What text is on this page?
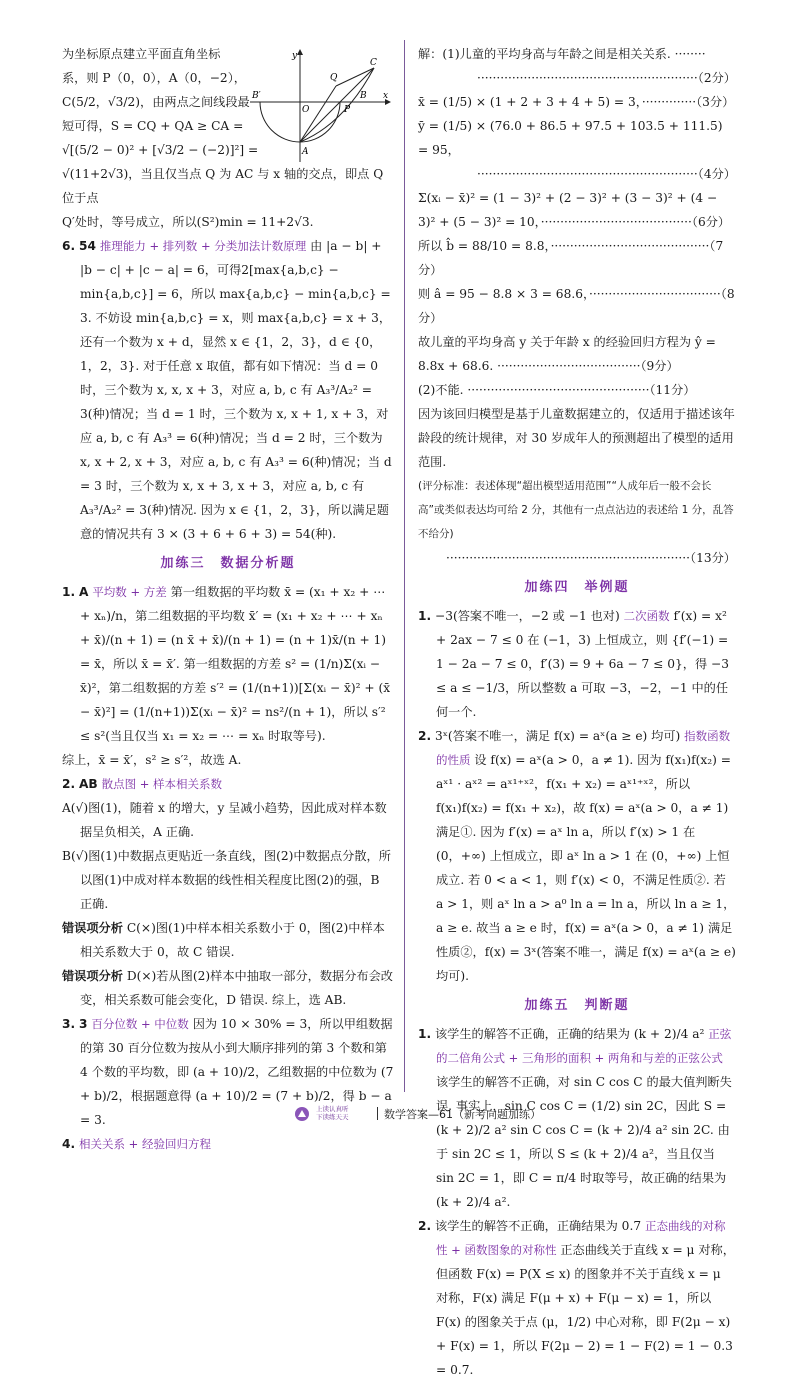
y
x
C
Q
B
B′
P
O
A
为坐标原点建立平面直角坐标
系，则 P（0，0），A（0，−2），
C(5/2，√3/2)，由两点之间线段最
短可得，S = CQ + QA ≥ CA =
√[(5/2 − 0)² + [√3/2 − (−2)]²] =
√(11+2√3)，当且仅当点 Q 为 AC 与 x 轴的交点，即点 Q 位于点
Q′处时，等号成立，所以(S²)min = 11+2√3.
6. 54 推理能力 + 排列数 + 分类加法计数原理 由 |a − b| + |b − c| + |c − a| = 6，可得2[max{a,b,c} − min{a,b,c}] = 6，所以 max{a,b,c} − min{a,b,c} = 3. 不妨设 min{a,b,c} = x，则 max{a,b,c} = x + 3，还有一个数为 x + d，显然 x ∈ {1，2，3}，d ∈ {0，1，2，3}. 对于任意 x 取值，都有如下情况：当 d = 0 时，三个数为 x, x, x + 3，对应 a, b, c 有 A₃³/A₂² = 3(种)情况；当 d = 1 时，三个数为 x, x + 1, x + 3，对应 a, b, c 有 A₃³ = 6(种)情况；当 d = 2 时，三个数为 x, x + 2, x + 3，对应 a, b, c 有 A₃³ = 6(种)情况；当 d = 3 时，三个数为 x, x + 3, x + 3，对应 a, b, c 有 A₃³/A₂² = 3(种)情况. 因为 x ∈ {1，2，3}，所以满足题意的情况共有 3 × (3 + 6 + 6 + 3) = 54(种).
加练三　数据分析题
1. A 平均数 + 方差 第一组数据的平均数 x̄ = (x₁ + x₂ + ⋯ + xₙ)/n，第二组数据的平均数 x̄′ = (x₁ + x₂ + ⋯ + xₙ + x̄)/(n + 1) = (n x̄ + x̄)/(n + 1) = (n + 1)x̄/(n + 1) = x̄，所以 x̄ = x̄′. 第一组数据的方差 s² = (1/n)Σ(xᵢ − x̄)²，第二组数据的方差 s′² = (1/(n+1))[Σ(xᵢ − x̄)² + (x̄ − x̄)²] = (1/(n+1))Σ(xᵢ − x̄)² = ns²/(n + 1)，所以 s′² ≤ s²(当且仅当 x₁ = x₂ = ⋯ = xₙ 时取等号).
综上，x̄ = x̄′，s² ≥ s′²，故选 A.
2. AB 散点图 + 样本相关系数
A(√)图(1)，随着 x 的增大，y 呈减小趋势，因此成对样本数据呈负相关，A 正确.
B(√)图(1)中数据点更贴近一条直线，图(2)中数据点分散，所以图(1)中成对样本数据的线性相关程度比图(2)的强，B 正确.
错误项分析 C(×)图(1)中样本相关系数小于 0，图(2)中样本相关系数大于 0，故 C 错误.
错误项分析 D(×)若从图(2)样本中抽取一部分，数据分布会改变，相关系数可能会变化，D 错误. 综上，选 AB.
3. 3 百分位数 + 中位数 因为 10 × 30% = 3，所以甲组数据的第 30 百分位数为按从小到大顺序排列的第 3 个数和第 4 个数的平均数，即 (a + 10)/2，乙组数据的中位数为 (7 + b)/2，根据题意得 (a + 10)/2 = (7 + b)/2，得 b − a = 3.
4. 相关关系 + 经验回归方程
解：(1)儿童的平均身高与年龄之间是相关关系. ········
·························································（2分）
x̄ = (1/5) × (1 + 2 + 3 + 4 + 5) = 3，··············（3分）
ȳ = (1/5) × (76.0 + 86.5 + 97.5 + 103.5 + 111.5) = 95，
·························································（4分）
Σ(xᵢ − x̄)² = (1 − 3)² + (2 − 3)² + (3 − 3)² + (4 − 3)² + (5 − 3)² = 10，·······································（6分）
所以 b̂ = 88/10 = 8.8，·········································（7分）
则 â = 95 − 8.8 × 3 = 68.6，··································（8分）
故儿童的平均身高 y 关于年龄 x 的经验回归方程为 ŷ = 8.8x + 68.6. ·····································（9分）
(2)不能. ···············································（11分）
因为该回归模型是基于儿童数据建立的，仅适用于描述该年龄段的统计规律，对 30 岁成年人的预测超出了模型的适用范围.
(评分标准：表述体现“超出模型适用范围”“人成年后一般不会长高”或类似表达均可给 2 分，其他有一点点沾边的表述给 1 分，乱答不给分)
·······························································（13分）
加练四　举例题
1. −3(答案不唯一，−2 或 −1 也对) 二次函数 f′(x) = x² + 2ax − 7 ≤ 0 在 (−1，3) 上恒成立，则 {f′(−1) = 1 − 2a − 7 ≤ 0，f′(3) = 9 + 6a − 7 ≤ 0}，得 −3 ≤ a ≤ −1/3，所以整数 a 可取 −3，−2，−1 中的任何一个.
2. 3ˣ(答案不唯一，满足 f(x) = aˣ(a ≥ e) 均可) 指数函数的性质 设 f(x) = aˣ(a > 0，a ≠ 1). 因为 f(x₁)f(x₂) = aˣ¹ · aˣ² = aˣ¹⁺ˣ²，f(x₁ + x₂) = aˣ¹⁺ˣ²，所以 f(x₁)f(x₂) = f(x₁ + x₂)，故 f(x) = aˣ(a > 0，a ≠ 1) 满足①. 因为 f′(x) = aˣ ln a，所以 f′(x) > 1 在 (0，+∞) 上恒成立，即 aˣ ln a > 1 在 (0，+∞) 上恒成立. 若 0 < a < 1，则 f′(x) < 0，不满足性质②. 若 a > 1，则 aˣ ln a > a⁰ ln a = ln a，所以 ln a ≥ 1，a ≥ e. 故当 a ≥ e 时，f(x) = aˣ(a > 0，a ≠ 1) 满足性质②，f(x) = 3ˣ(答案不唯一，满足 f(x) = aˣ(a ≥ e) 均可).
加练五　判断题
1. 该学生的解答不正确，正确的结果为 (k + 2)/4 a² 正弦的二倍角公式 + 三角形的面积 + 两角和与差的正弦公式 该学生的解答不正确，对 sin C cos C 的最大值判断失误. 事实上，sin C cos C = (1/2) sin 2C，因此 S = (k + 2)/2 a² sin C cos C = (k + 2)/4 a² sin 2C. 由于 sin 2C ≤ 1，所以 S ≤ (k + 2)/4 a²，当且仅当 sin 2C = 1，即 C = π/4 时取等号，故正确的结果为 (k + 2)/4 a².
2. 该学生的解答不正确，正确结果为 0.7 正态曲线的对称性 + 函数图象的对称性 正态曲线关于直线 x = μ 对称，但函数 F(x) = P(X ≤ x) 的图象并不关于直线 x = μ 对称，F(x) 满足 F(μ + x) + F(μ − x) = 1，所以 F(x) 的图象关于点 (μ，1/2) 中心对称，即 F(2μ − x) + F(x) = 1，所以 F(2μ − 2) = 1 − F(2) = 1 − 0.3 = 0.7.
上读认真听
下读练天天	数学答案—61（新考向题加练）
